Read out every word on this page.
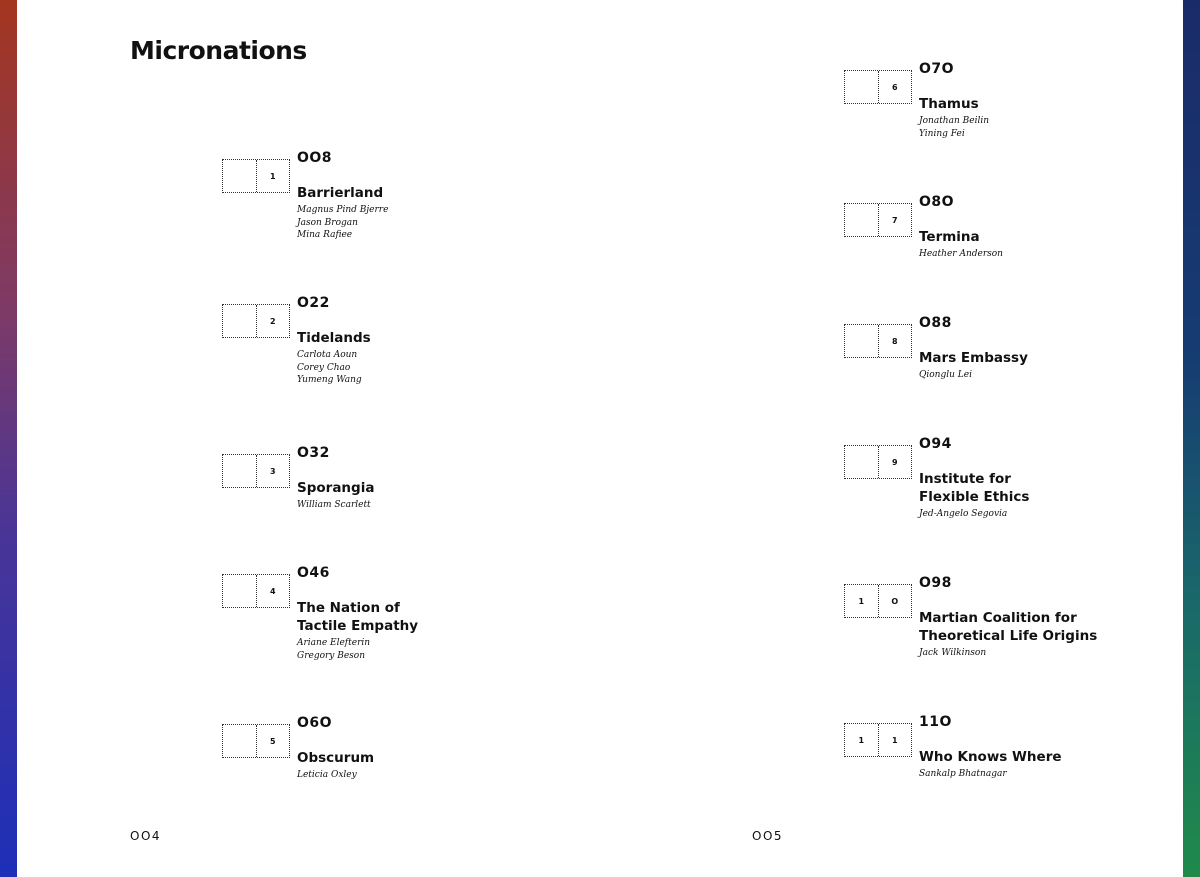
Micronations
1
OO8
Barrierland
Magnus Pind Bjerre
Jason Brogan
Mina Rafiee
2
O22
Tidelands
Carlota Aoun
Corey Chao
Yumeng Wang
3
O32
Sporangia
William Scarlett
4
O46
The Nation of
Tactile Empathy
Ariane Elefterin
Gregory Beson
5
O6O
Obscurum
Leticia Oxley
6
O7O
Thamus
Jonathan Beilin
Yining Fei
7
O8O
Termina
Heather Anderson
8
O88
Mars Embassy
Qionglu Lei
9
O94
Institute for
Flexible Ethics
Jed-Angelo Segovia
1	O
O98
Martian Coalition for
Theoretical Life Origins
Jack Wilkinson
1	1
11O
Who Knows Where
Sankalp Bhatnagar
OO4	OO5
